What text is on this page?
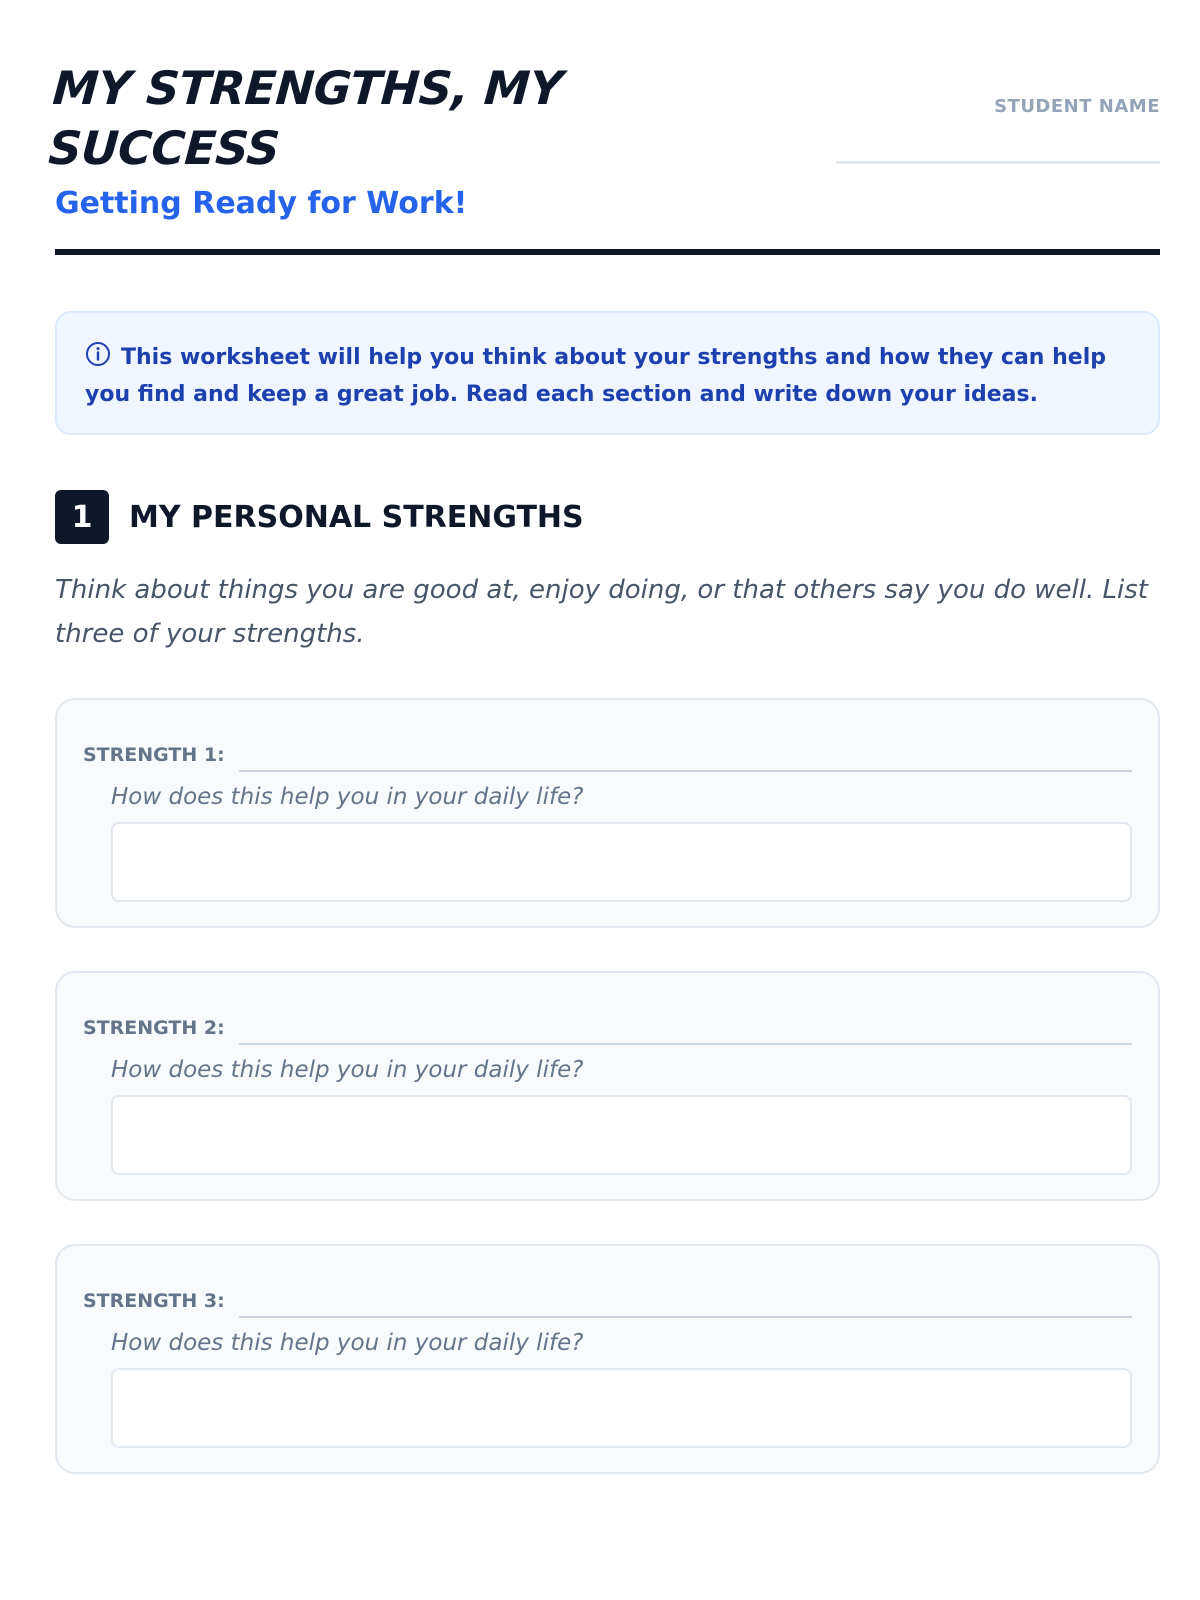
MY STRENGTHS, MY SUCCESS
Getting Ready for Work!
STUDENT NAME
This worksheet will help you think about your strengths and how they can help you find and keep a great job. Read each section and write down your ideas.
1	MY PERSONAL STRENGTHS

Think about things you are good at, enjoy doing, or that others say you do well. List three of your strengths.

STRENGTH 1:
How does this help you in your daily life?
STRENGTH 2:
How does this help you in your daily life?
STRENGTH 3:
How does this help you in your daily life?
